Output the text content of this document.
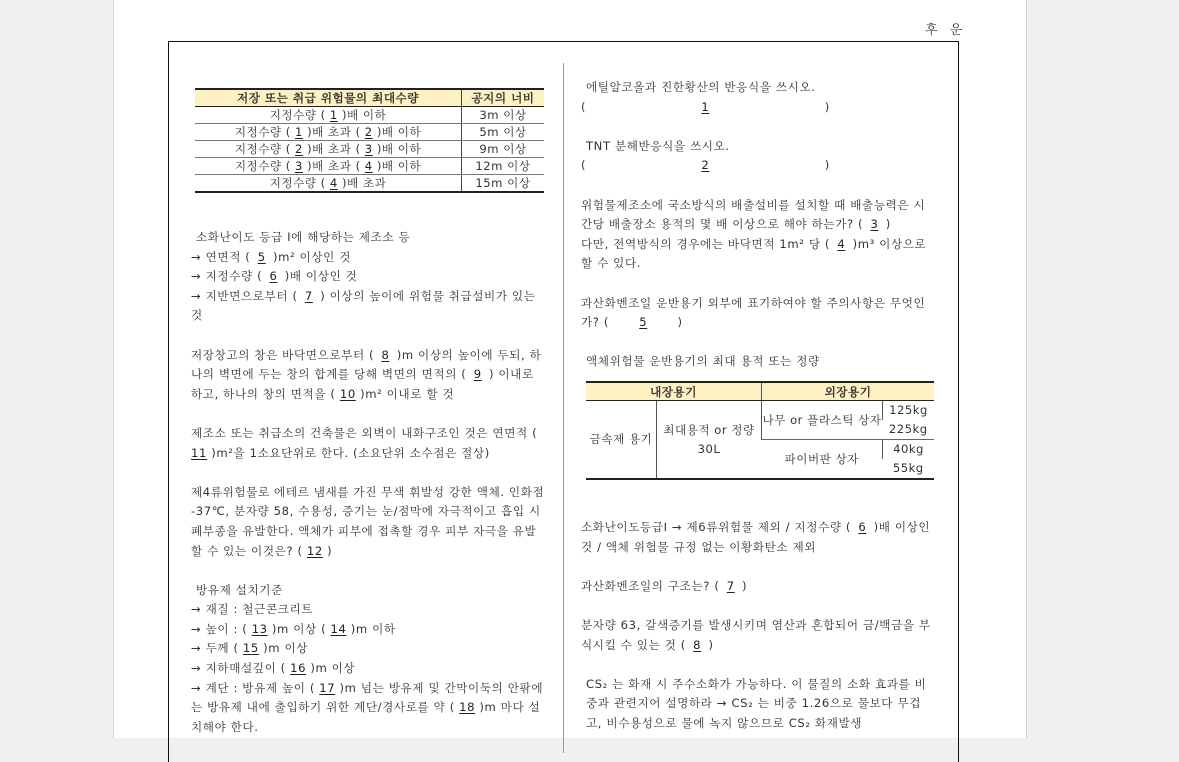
후 운
저장 또는 취급 위험물의 최대수량	공지의 너비
지정수량 ( 1 )배 이하	3m 이상
지정수량 ( 1 )배 초과 ( 2 )배 이하	5m 이상
지정수량 ( 2 )배 초과 ( 3 )배 이하	9m 이상
지정수량 ( 3 )배 초과 ( 4 )배 이하	12m 이상
지정수량 ( 4 )배 초과	15m 이상

소화난이도 등급 Ⅰ에 해당하는 제조소 등

→ 연면적 ( 5 )m² 이상인 것

→ 지정수량 ( 6 )배 이상인 것

→ 지반면으로부터 ( 7 ) 이상의 높이에 위험물 취급설비가 있는 것

저장창고의 창은 바닥면으로부터 ( 8 )m 이상의 높이에 두되, 하나의 벽면에 두는 창의 합계를 당해 벽면의 면적의 ( 9 ) 이내로 하고, 하나의 창의 면적을 ( 10 )m² 이내로 할 것

제조소 또는 취급소의 건축물은 외벽이 내화구조인 것은 연면적 ( 11 )m²을 1소요단위로 한다. (소요단위 소수점은 절상)

제4류위험물로 에테르 냄새를 가진 무색 휘발성 강한 액체. 인화점 -37℃, 분자량 58, 수용성, 증기는 눈/점막에 자극적이고 흡입 시 폐부종을 유발한다. 액체가 피부에 접촉할 경우 피부 자극을 유발할 수 있는 이것은? ( 12 )

방유제 설치기준

→ 재질 : 철근콘크리트

→ 높이 : ( 13 )m 이상 ( 14 )m 이하

→ 두께 ( 15 )m 이상

→ 지하매설깊이 ( 16 )m 이상

→ 계단 : 방유제 높이 ( 17 )m 넘는 방유제 및 간막이둑의 안팎에는 방유제 내에 출입하기 위한 계단/경사로를 약 ( 18 )m 마다 설치해야 한다.

에틸알코올과 진한황산의 반응식을 쓰시오.

(	1	)

TNT 분해반응식을 쓰시오.

(	2	)

위험물제조소에 국소방식의 배출설비를 설치할 때 배출능력은 시간당 배출장소 용적의 몇 배 이상으로 해야 하는가? ( 3 )

다만, 전역방식의 경우에는 바닥면적 1m² 당 ( 4 )m³ 이상으로 할 수 있다.

과산화벤조일 운반용기 외부에 표기하여야 할 주의사항은 무엇인가? ( 5 )

액체위험물 운반용기의 최대 용적 또는 정량

내장용기		외장용기	
금속제 용기	최대용적 or 정량 30L	나무 or 플라스틱 상자	125kg
			225kg
		파이버판 상자	40kg
			55kg

소화난이도등급Ⅰ → 제6류위험물 제외 / 지정수량 ( 6 )배 이상인 것 / 액체 위험물 규정 없는 이황화탄소 제외

과산화벤조일의 구조는? ( 7 )

분자량 63, 갈색증기를 발생시키며 염산과 혼합되어 금/백금을 부식시킬 수 있는 것 ( 8 )

CS₂ 는 화재 시 주수소화가 가능하다. 이 물질의 소화 효과를 비중과 관련지어 설명하라 → CS₂ 는 비중 1.26으로 물보다 무겁고, 비수용성으로 물에 녹지 않으므로 CS₂ 화재발생
